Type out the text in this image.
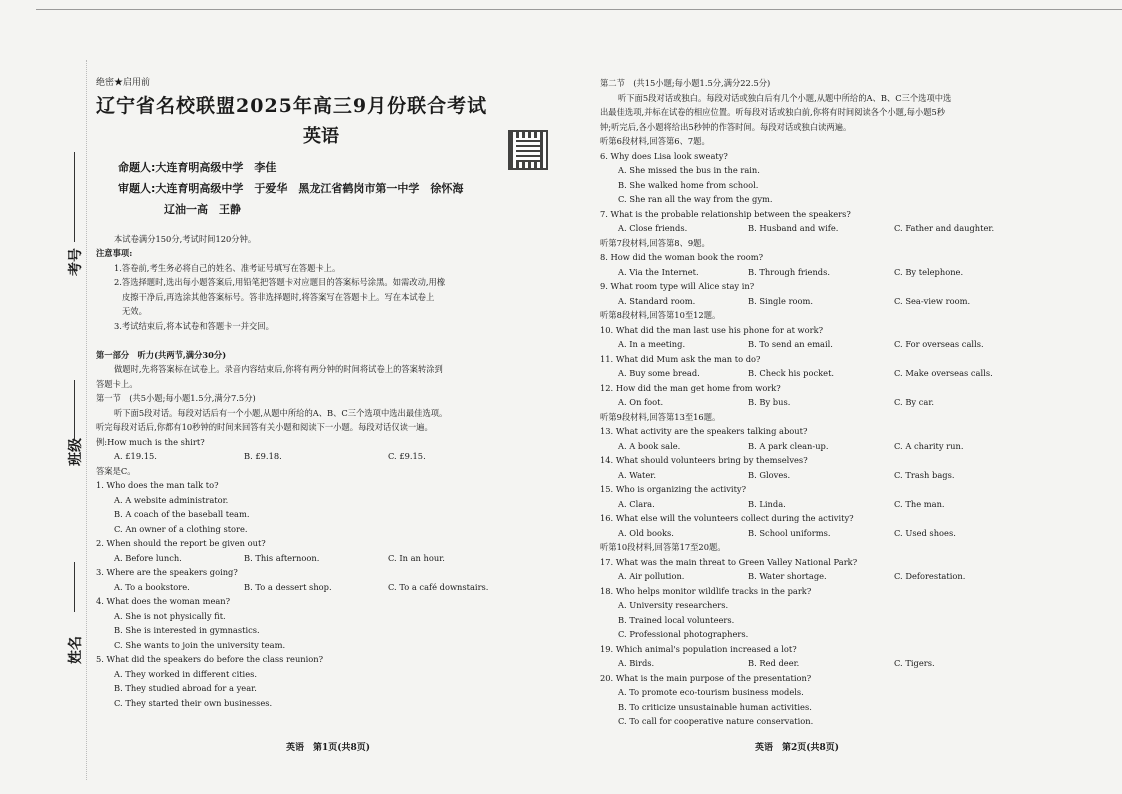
考号
班级
姓名
绝密★启用前
辽宁省名校联盟2025年高三9月份联合考试
英语
命题人:大连育明高级中学　李佳
审题人:大连育明高级中学　于爱华　黑龙江省鹤岗市第一中学　徐怀海
辽油一高　王静
本试卷满分150分,考试时间120分钟。
注意事项:
1.答卷前,考生务必将自己的姓名、准考证号填写在答题卡上。
2.答选择题时,选出每小题答案后,用铅笔把答题卡对应题目的答案标号涂黑。如需改动,用橡
皮擦干净后,再选涂其他答案标号。答非选择题时,将答案写在答题卡上。写在本试卷上
无效。
3.考试结束后,将本试卷和答题卡一并交回。

第一部分　听力(共两节,满分30分)
做题时,先将答案标在试卷上。录音内容结束后,你将有两分钟的时间将试卷上的答案转涂到
答题卡上。
第一节　(共5小题;每小题1.5分,满分7.5分)
听下面5段对话。每段对话后有一个小题,从题中所给的A、B、C三个选项中选出最佳选项。
听完每段对话后,你都有10秒钟的时间来回答有关小题和阅读下一小题。每段对话仅读一遍。
例:How much is the shirt?
A. £19.15.	B. £9.18.	C. £9.15.
答案是C。
1. Who does the man talk to?
A. A website administrator.
B. A coach of the baseball team.
C. An owner of a clothing store.
2. When should the report be given out?
A. Before lunch.	B. This afternoon.	C. In an hour.
3. Where are the speakers going?
A. To a bookstore.	B. To a dessert shop.	C. To a café downstairs.
4. What does the woman mean?
A. She is not physically fit.
B. She is interested in gymnastics.
C. She wants to join the university team.
5. What did the speakers do before the class reunion?
A. They worked in different cities.
B. They studied abroad for a year.
C. They started their own businesses.
英语　第1页(共8页)
第二节　(共15小题;每小题1.5分,满分22.5分)
听下面5段对话或独白。每段对话或独白后有几个小题,从题中所给的A、B、C三个选项中选
出最佳选项,并标在试卷的相应位置。听每段对话或独白前,你将有时间阅读各个小题,每小题5秒
钟;听完后,各小题将给出5秒钟的作答时间。每段对话或独白读两遍。
听第6段材料,回答第6、7题。
6. Why does Lisa look sweaty?
A. She missed the bus in the rain.
B. She walked home from school.
C. She ran all the way from the gym.
7. What is the probable relationship between the speakers?
A. Close friends.	B. Husband and wife.	C. Father and daughter.
听第7段材料,回答第8、9题。
8. How did the woman book the room?
A. Via the Internet.	B. Through friends.	C. By telephone.
9. What room type will Alice stay in?
A. Standard room.	B. Single room.	C. Sea-view room.
听第8段材料,回答第10至12题。
10. What did the man last use his phone for at work?
A. In a meeting.	B. To send an email.	C. For overseas calls.
11. What did Mum ask the man to do?
A. Buy some bread.	B. Check his pocket.	C. Make overseas calls.
12. How did the man get home from work?
A. On foot.	B. By bus.	C. By car.
听第9段材料,回答第13至16题。
13. What activity are the speakers talking about?
A. A book sale.	B. A park clean-up.	C. A charity run.
14. What should volunteers bring by themselves?
A. Water.	B. Gloves.	C. Trash bags.
15. Who is organizing the activity?
A. Clara.	B. Linda.	C. The man.
16. What else will the volunteers collect during the activity?
A. Old books.	B. School uniforms.	C. Used shoes.
听第10段材料,回答第17至20题。
17. What was the main threat to Green Valley National Park?
A. Air pollution.	B. Water shortage.	C. Deforestation.
18. Who helps monitor wildlife tracks in the park?
A. University researchers.
B. Trained local volunteers.
C. Professional photographers.
19. Which animal's population increased a lot?
A. Birds.	B. Red deer.	C. Tigers.
20. What is the main purpose of the presentation?
A. To promote eco-tourism business models.
B. To criticize unsustainable human activities.
C. To call for cooperative nature conservation.
英语　第2页(共8页)
